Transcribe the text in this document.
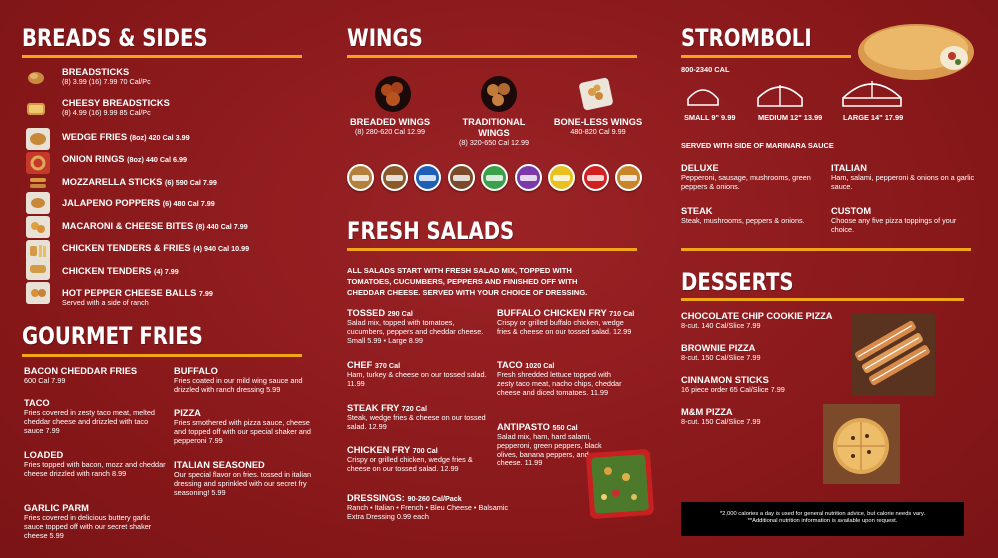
BREADS & SIDES
BREADSTICKS
(8) 3.99 (16) 7.99 70 Cal/Pc
CHEESY BREADSTICKS
(8) 4.99 (16) 9.99 85 Cal/Pc
WEDGE FRIES (8oz) 420 Cal 3.99
ONION RINGS (8oz) 440 Cal 6.99
MOZZARELLA STICKS (6) 590 Cal 7.99
JALAPENO POPPERS (6) 480 Cal 7.99
MACARONI & CHEESE BITES (8) 440 Cal 7.99
CHICKEN TENDERS & FRIES (4) 940 Cal 10.99
CHICKEN TENDERS (4) 7.99
HOT PEPPER CHEESE BALLS 7.99
Served with a side of ranch
GOURMET FRIES
BACON CHEDDAR FRIES
600 Cal 7.99
TACO
Fries covered in zesty taco meat, melted cheddar cheese and drizzled with taco sauce 7.99
LOADED
Fries topped with bacon, mozz and cheddar cheese drizzled with ranch 8.99
GARLIC PARM
Fries covered in delicious buttery garlic sauce topped off with our secret shaker cheese 5.99
BUFFALO
Fries coated in our mild wing sauce and drizzled with ranch dressing 5.99
PIZZA
Fries smothered with pizza sauce, cheese and topped off with our special shaker and pepperoni 7.99
ITALIAN SEASONED
Our special flavor on fries. tossed in italian dressing and sprinkled with our secret fry seasoning! 5.99
WINGS
BREADED WINGS
(8) 280-620 Cal 12.99
TRADITIONAL WINGS
(8) 320-650 Cal 12.99
BONE-LESS WINGS
480-820 Cal 9.99
FRESH SALADS
ALL SALADS START WITH FRESH SALAD MIX, TOPPED WITH TOMATOES, CUCUMBERS, PEPPERS AND FINISHED OFF WITH CHEDDAR CHEESE. SERVED WITH YOUR CHOICE OF DRESSING.
TOSSED 290 Cal
Salad mix, topped with tomatoes, cucumbers, peppers and cheddar cheese. Small 5.99 • Large 8.99
CHEF 370 Cal
Ham, turkey & cheese on our tossed salad. 11.99
STEAK FRY 720 Cal
Steak, wedge fries & cheese on our tossed salad. 12.99
CHICKEN FRY 700 Cal
Crispy or grilled chicken, wedge fries & cheese on our tossed salad. 12.99
BUFFALO CHICKEN FRY 710 Cal
Crispy or grilled buffalo chicken, wedge fries & cheese on our tossed salad. 12.99
TACO 1020 Cal
Fresh shredded lettuce topped with zesty taco meat, nacho chips, cheddar cheese and diced tomatoes. 11.99
ANTIPASTO 550 Cal
Salad mix, ham, hard salami, pepperoni, green peppers, black olives, banana peppers, and cheese. 11.99
DRESSINGS: 90-260 Cal/Pack
Ranch • Italian • French • Bleu Cheese • Balsamic
Extra Dressing 0.99 each
STROMBOLI
800-2340 CAL
SMALL 9" 9.99	MEDIUM 12" 13.99	LARGE 14" 17.99
SERVED WITH SIDE OF MARINARA SAUCE
DELUXE
Pepperoni, sausage, mushrooms, green peppers & onions.
ITALIAN
Ham, salami, pepperoni & onions on a garlic sauce.
STEAK
Steak, mushrooms, peppers & onions.
CUSTOM
Choose any five pizza toppings of your choice.
DESSERTS
CHOCOLATE CHIP COOKIE PIZZA
8-cut. 140 Cal/Slice 7.99
BROWNIE PIZZA
8-cut. 150 Cal/Slice 7.99
CINNAMON STICKS
16 piece order 65 Cal/Slice 7.99
M&M PIZZA
8-cut. 150 Cal/Slice 7.99
*2,000 calories a day is used for general nutrition advice, but calorie needs vary.
**Additional nutrition information is available upon request.
